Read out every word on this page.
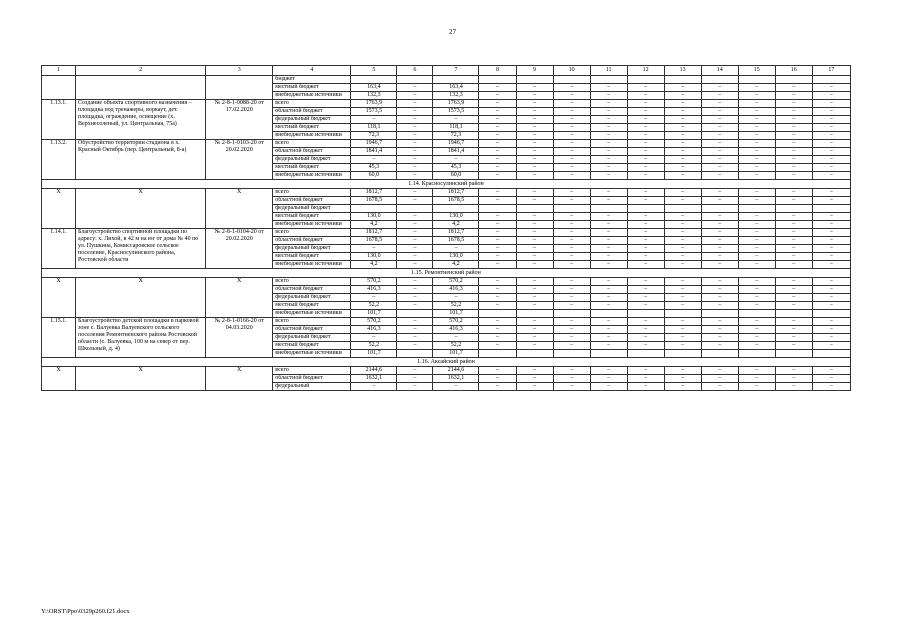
27
1	2	3	4	5	6	7	8	9	10	11	12	13	14	15	16	17
			бюджет													
			местный бюджет	163,4	–	163,4	–	–	–	–	–	–	–	–	–	–
			внебюджетные источники	132,3	–	132,3	–	–	–	–	–	–	–	–	–	–
1.13.1.	Создание объекта спортивного назначения – площадка под тренажеры, воркаут, дет. площадка, ограждение, освещение (х. Верхнесоленый, ул. Центральная, 75а)	№ 2-8-1-0088-20 от 17.02.2020	всего	1763,9	–	1763,9	–	–	–	–	–	–	–	–	–	–
			областной бюджет	1573,5	–	1573,5	–	–	–	–	–	–	–	–	–	–
			федеральный бюджет	–	–	–	–	–	–	–	–	–	–	–	–	–
			местный бюджет	118,1	–	118,1	–	–	–	–	–	–	–	–	–	–
			внебюджетные источники	72,3	–	72,3	–	–	–	–	–	–	–	–	–	–
1.13.2.	Обустройство территории стадиона в х. Красный Октябрь (пер. Центральный, 8-а)	№ 2-8-1-0103-20 от 20.02.2020	всего	1946,7	–	1946,7	–	–	–	–	–	–	–	–	–	–
			областной бюджет	1841,4	–	1841,4	–	–	–	–	–	–	–	–	–	–
			федеральный бюджет	–	–	–	–	–	–	–	–	–	–	–	–	–
			местный бюджет	45,3	–	45,3	–	–	–	–	–	–	–	–	–	–
			внебюджетные источники	60,0	–	60,0	–	–	–	–	–	–	–	–	–	–
1.14. Красносулинский район																
Х	Х	Х	всего	1812,7	–	1812,7	–	–	–	–	–	–	–	–	–	–
			областной бюджет	1678,5	–	1678,5	–	–	–	–	–	–	–	–	–	–
			федеральный бюджет													
			местный бюджет	130,0	–	130,0	–	–	–	–	–	–	–	–	–	–
			внебюджетные источники	4,2	–	4,2	–	–	–	–	–	–	–	–	–	–
1.14.1.	Благоустройство спортивной площадки по адресу: х. Лихой, в 42 м на юг от дома № 40 по ул. Пушкина, Комиссаровское сельское поселение, Красносулинского района, Ростовской области	№ 2-8-1-0104-20 от 20.02.2020	всего	1812,7	–	1812,7	–	–	–	–	–	–	–	–	–	–
			областной бюджет	1678,5	–	1678,5	–	–	–	–	–	–	–	–	–	–
			федеральный бюджет	–	–	–	–	–	–	–	–	–	–	–	–	–
			местный бюджет	130,0	–	130,0	–	–	–	–	–	–	–	–	–	–
			внебюджетные источники	4,2	–	4,2	–	–	–	–	–	–	–	–	–	–
1.15. Ремонтненский район																
Х	Х	Х	всего	570,2	–	570,2	–	–	–	–	–	–	–	–	–	–
			областной бюджет	416,3	–	416,3	–	–	–	–	–	–	–	–	–	–
			федеральный бюджет	–	–	–	–	–	–	–	–	–	–	–	–	–
			местный бюджет	52,2	–	52,2	–	–	–	–	–	–	–	–	–	–
			внебюджетные источники	101,7		101,7										
1.15.1.	Благоустройство детской площадки в парковой зоне с. Валуевка Валуевского сельского поселения Ремонтненского района Ростовской области (с. Валуевка, 100 м на север от пер. Школьный, д. 4)	№ 2-8-1-0166-20 от 04.03.2020	всего	570,2	–	570,2	–	–	–	–	–	–	–	–	–	–
			областной бюджет	416,3	–	416,3	–	–	–	–	–	–	–	–	–	–
			федеральный бюджет	–	–	–	–	–	–	–	–	–	–	–	–	–
			местный бюджет	52,2	–	52,2	–	–	–	–	–	–	–	–	–	–
			внебюджетные источники	101,7		101,7										
1.16. Аксайский район																
Х	Х	Х	всего	2144,6	–	2144,6	–	–	–	–	–	–	–	–	–	–
			областной бюджет	1632,1	–	1632,1	–	–	–	–	–	–	–	–	–	–
			федеральный	–	–	–	–	–	–	–	–	–	–	–	–	–
Y:\ORST\Ppo\0329p260.f21.docx
